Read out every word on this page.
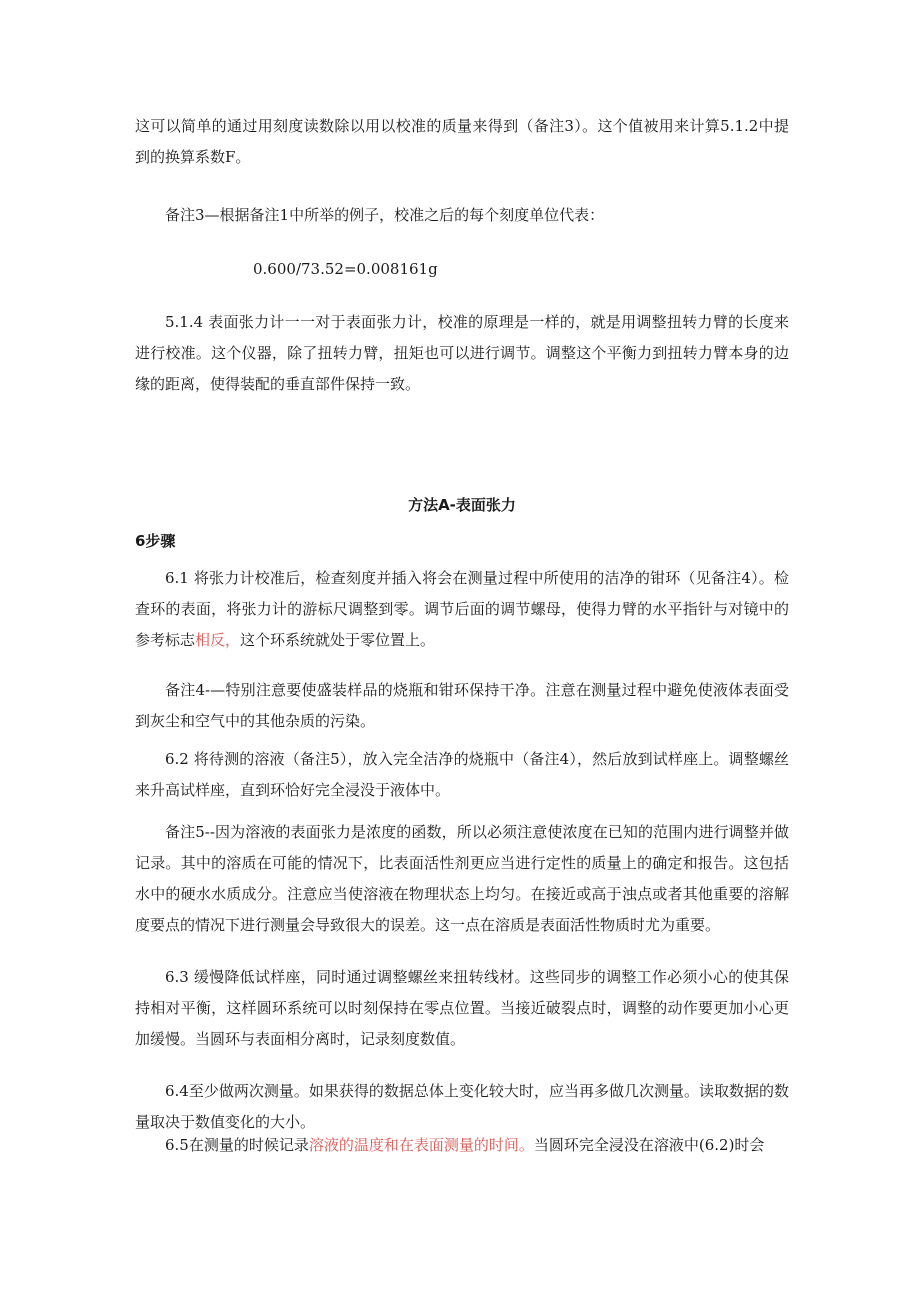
这可以简单的通过用刻度读数除以用以校准的质量来得到（备注3）。这个值被用来计算5.1.2中提到的换算系数F。

备注3—根据备注1中所举的例子，校准之后的每个刻度单位代表：

0.600/73.52=0.008161g

5.1.4 表面张力计一一对于表面张力计，校准的原理是一样的，就是用调整扭转力臂的长度来进行校准。这个仪器，除了扭转力臂，扭矩也可以进行调节。调整这个平衡力到扭转力臂本身的边缘的距离，使得装配的垂直部件保持一致。

方法A-表面张力

6步骤

6.1 将张力计校准后，检查刻度并插入将会在测量过程中所使用的洁净的钳环（见备注4）。检查环的表面，将张力计的游标尺调整到零。调节后面的调节螺母，使得力臂的水平指针与对镜中的参考标志相反，这个环系统就处于零位置上。

备注4-—特别注意要使盛装样品的烧瓶和钳环保持干净。注意在测量过程中避免使液体表面受到灰尘和空气中的其他杂质的污染。

6.2 将待测的溶液（备注5），放入完全洁净的烧瓶中（备注4），然后放到试样座上。调整螺丝来升高试样座，直到环恰好完全浸没于液体中。

备注5--因为溶液的表面张力是浓度的函数，所以必须注意使浓度在已知的范围内进行调整并做记录。其中的溶质在可能的情况下，比表面活性剂更应当进行定性的质量上的确定和报告。这包括水中的硬水水质成分。注意应当使溶液在物理状态上均匀。在接近或高于浊点或者其他重要的溶解度要点的情况下进行测量会导致很大的误差。这一点在溶质是表面活性物质时尤为重要。

6.3 缓慢降低试样座，同时通过调整螺丝来扭转线材。这些同步的调整工作必须小心的使其保持相对平衡，这样圆环系统可以时刻保持在零点位置。当接近破裂点时，调整的动作要更加小心更加缓慢。当圆环与表面相分离时，记录刻度数值。

6.4至少做两次测量。如果获得的数据总体上变化较大时，应当再多做几次测量。读取数据的数量取决于数值变化的大小。

6.5在测量的时候记录溶液的温度和在表面测量的时间。当圆环完全浸没在溶液中(6.2)时会
